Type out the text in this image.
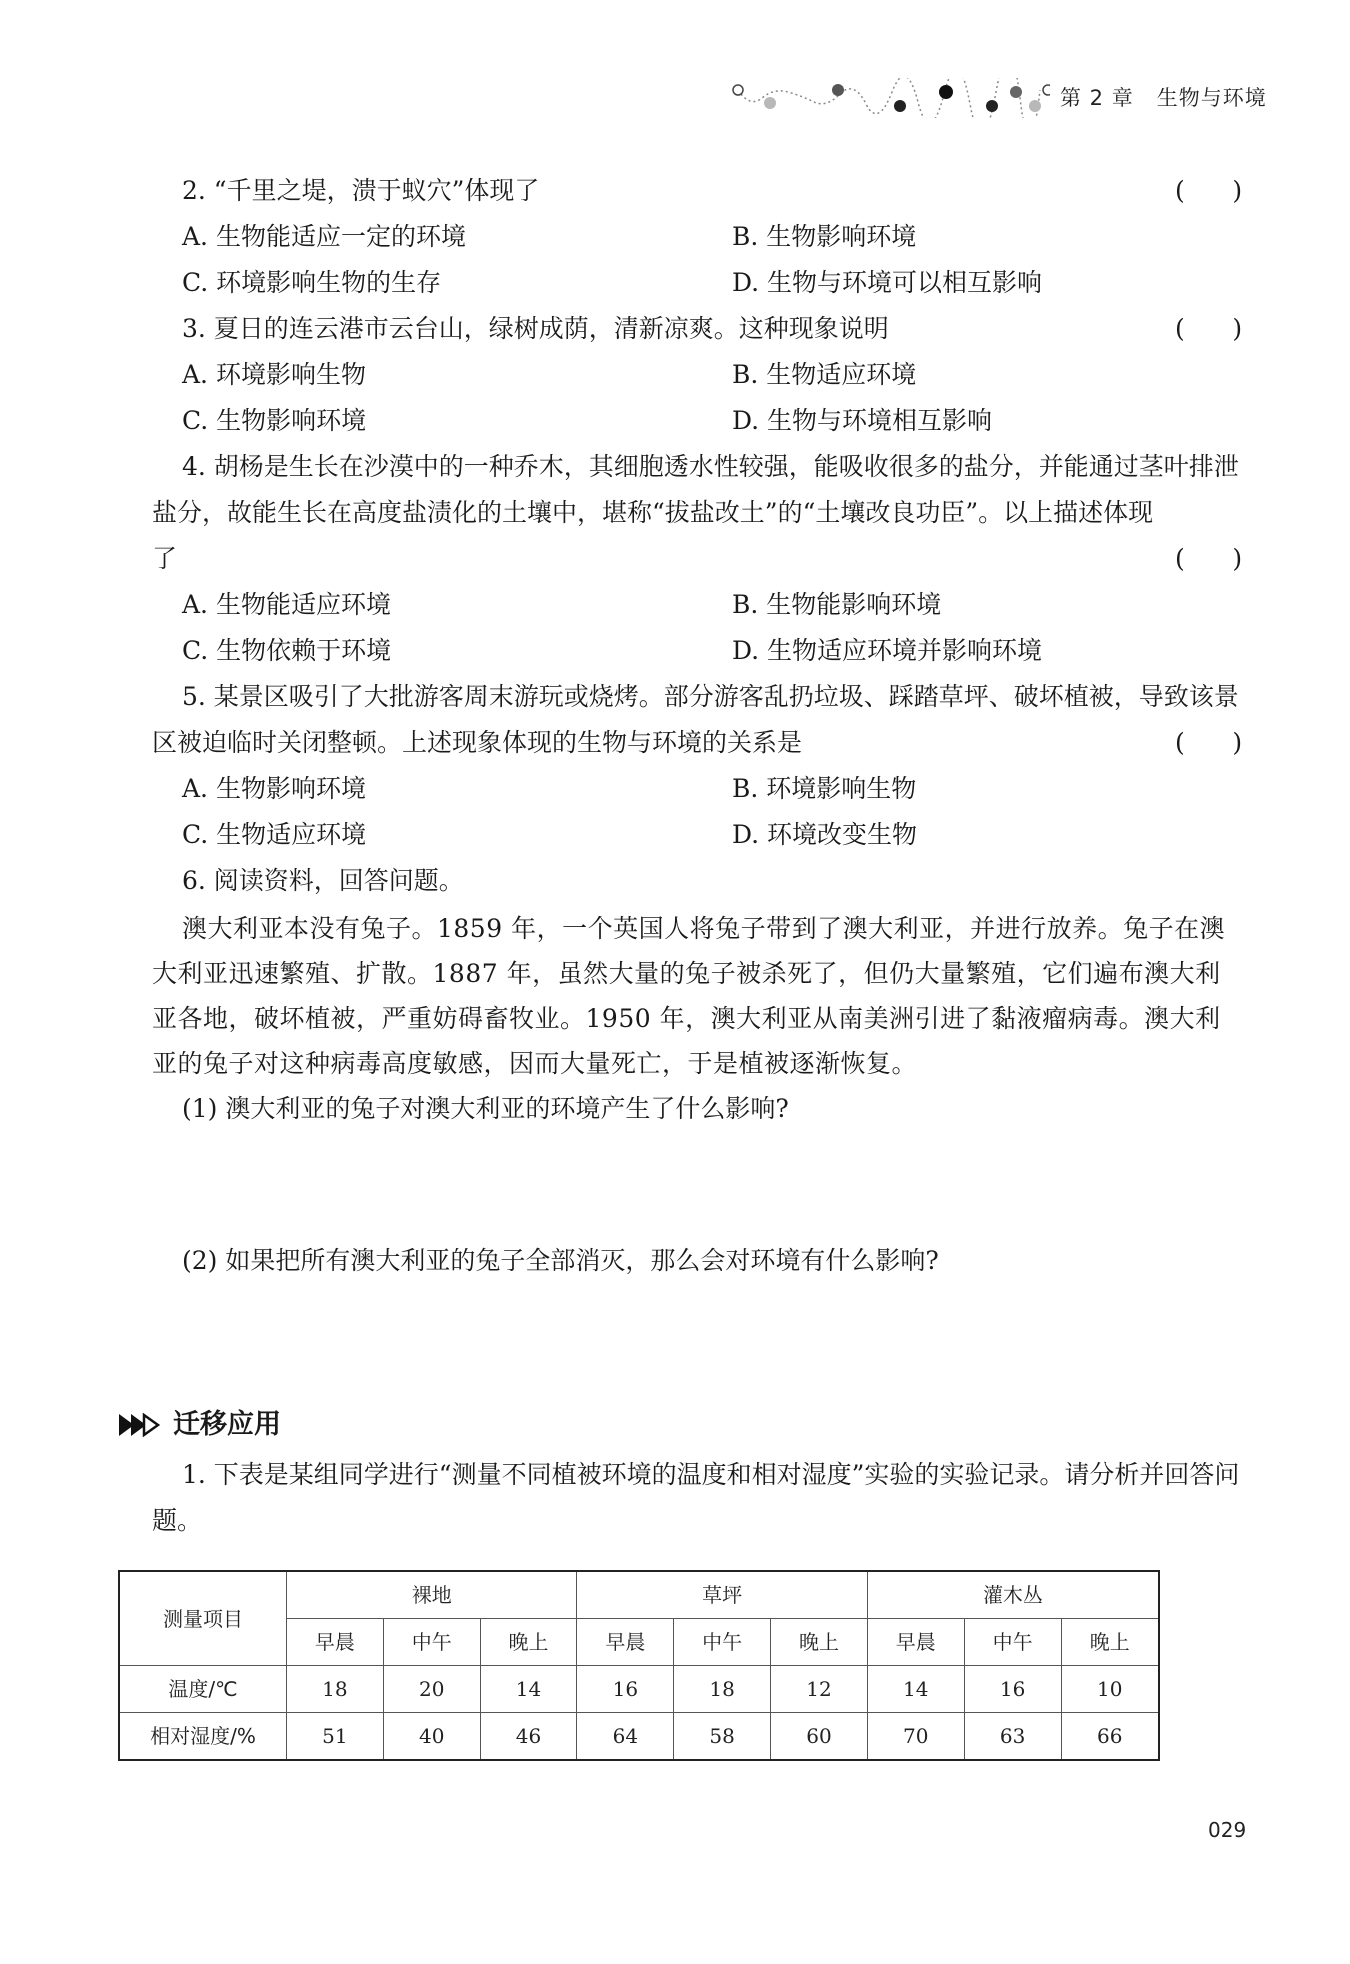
第 2 章 生物与环境
2. “千里之堤，溃于蚁穴”体现了	(      )
A. 生物能适应一定的环境	B. 生物影响环境
C. 环境影响生物的生存	D. 生物与环境可以相互影响
3. 夏日的连云港市云台山，绿树成荫，清新凉爽。这种现象说明	(      )
A. 环境影响生物	B. 生物适应环境
C. 生物影响环境	D. 生物与环境相互影响
4. 胡杨是生长在沙漠中的一种乔木，其细胞透水性较强，能吸收很多的盐分，并能通过茎叶排泄盐分，故能生长在高度盐渍化的土壤中，堪称“拔盐改土”的“土壤改良功臣”。以上描述体现了	(      )
A. 生物能适应环境	B. 生物能影响环境
C. 生物依赖于环境	D. 生物适应环境并影响环境
5. 某景区吸引了大批游客周末游玩或烧烤。部分游客乱扔垃圾、踩踏草坪、破坏植被，导致该景区被迫临时关闭整顿。上述现象体现的生物与环境的关系是	(      )
A. 生物影响环境	B. 环境影响生物
C. 生物适应环境	D. 环境改变生物
6. 阅读资料，回答问题。
澳大利亚本没有兔子。1859 年，一个英国人将兔子带到了澳大利亚，并进行放养。兔子在澳大利亚迅速繁殖、扩散。1887 年，虽然大量的兔子被杀死了，但仍大量繁殖，它们遍布澳大利亚各地，破坏植被，严重妨碍畜牧业。1950 年，澳大利亚从南美洲引进了黏液瘤病毒。澳大利亚的兔子对这种病毒高度敏感，因而大量死亡，于是植被逐渐恢复。
(1) 澳大利亚的兔子对澳大利亚的环境产生了什么影响?
(2) 如果把所有澳大利亚的兔子全部消灭，那么会对环境有什么影响?
迁移应用
1. 下表是某组同学进行“测量不同植被环境的温度和相对湿度”实验的实验记录。请分析并回答问题。
测量项目	裸地			草坪			灌木丛		
	早晨	中午	晚上	早晨	中午	晚上	早晨	中午	晚上
温度/℃	18	20	14	16	18	12	14	16	10
相对湿度/%	51	40	46	64	58	60	70	63	66
029
